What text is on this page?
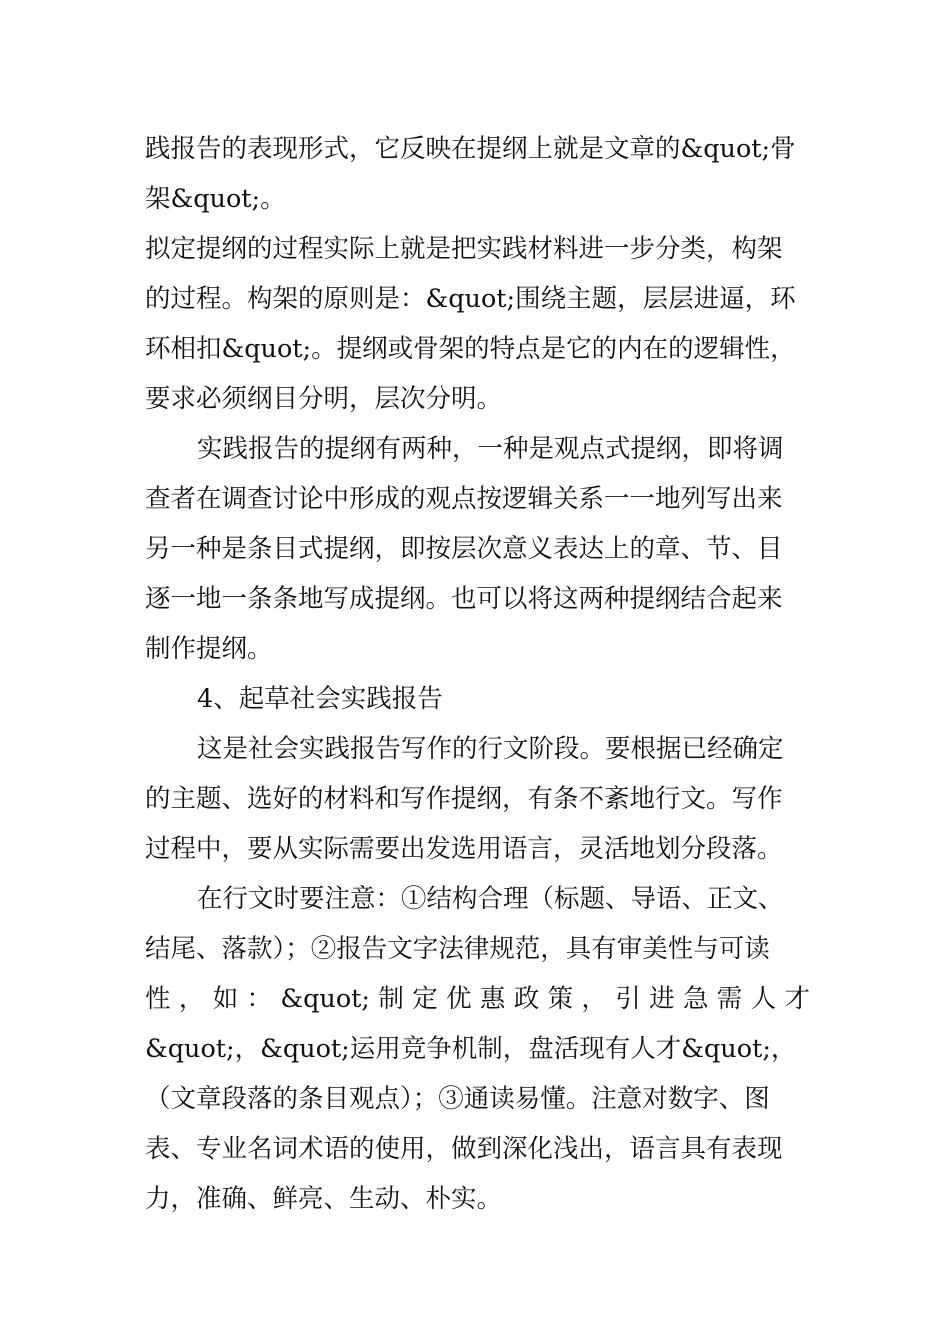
践报告的表现形式，它反映在提纲上就是文章的&quot;骨
架&quot;。
拟定提纲的过程实际上就是把实践材料进一步分类，构架
的过程。构架的原则是：&quot;围绕主题，层层进逼，环
环相扣&quot;。提纲或骨架的特点是它的内在的逻辑性，
要求必须纲目分明，层次分明。
实践报告的提纲有两种，一种是观点式提纲，即将调
查者在调查讨论中形成的观点按逻辑关系一一地列写出来
另一种是条目式提纲，即按层次意义表达上的章、节、目
逐一地一条条地写成提纲。也可以将这两种提纲结合起来
制作提纲。
4、起草社会实践报告
这是社会实践报告写作的行文阶段。要根据已经确定
的主题、选好的材料和写作提纲，有条不紊地行文。写作
过程中，要从实际需要出发选用语言，灵活地划分段落。
在行文时要注意：①结构合理（标题、导语、正文、
结尾、落款）；②报告文字法律规范，具有审美性与可读
性，如：&quot;制定优惠政策，引进急需人才
&quot;，&quot;运用竞争机制，盘活现有人才&quot;，
（文章段落的条目观点）；③通读易懂。注意对数字、图
表、专业名词术语的使用，做到深化浅出，语言具有表现
力，准确、鲜亮、生动、朴实。
